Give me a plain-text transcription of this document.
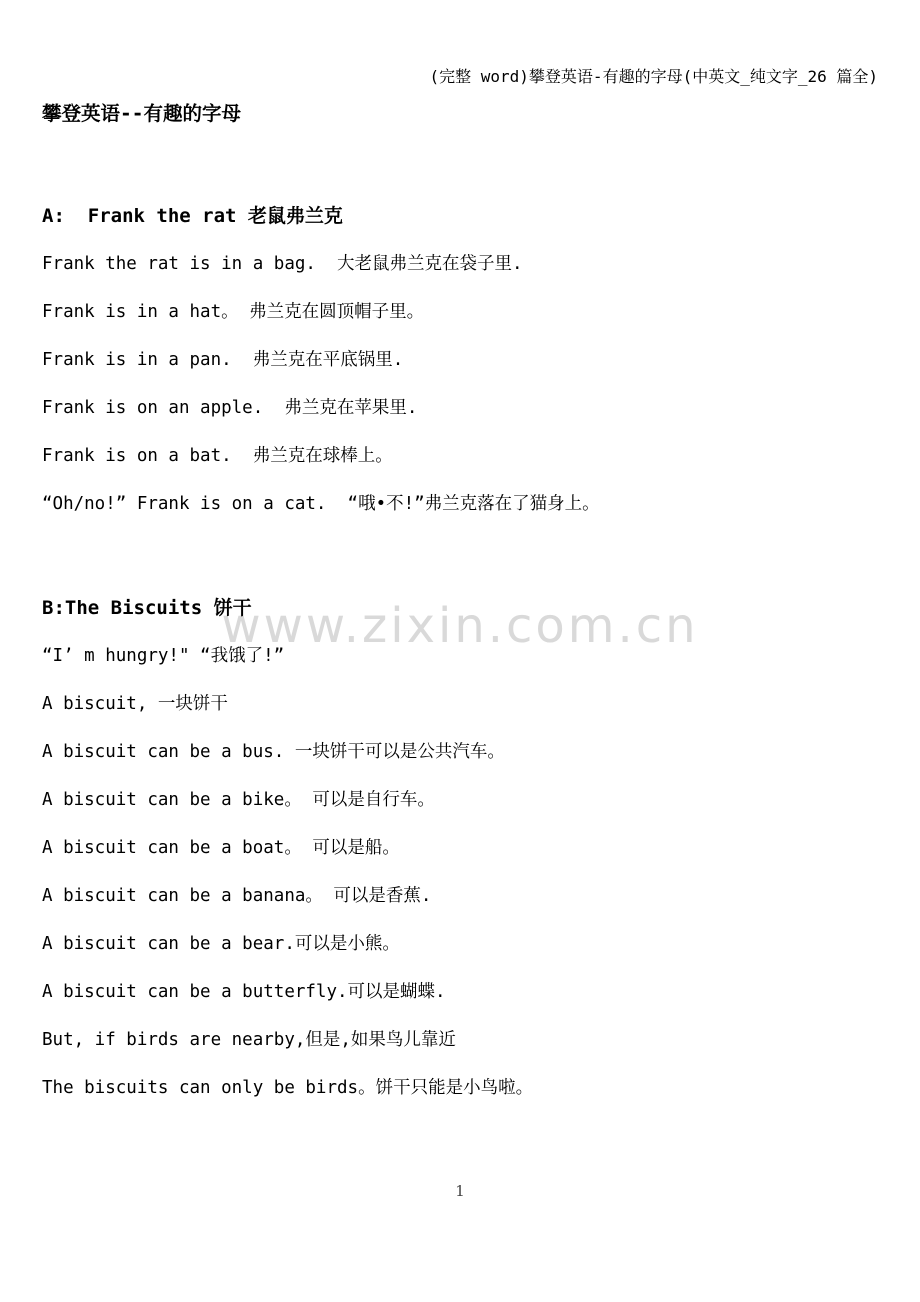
www.zixin.com.cn
(完整 word)攀登英语-有趣的字母(中英文_纯文字_26 篇全)
攀登英语--有趣的字母
A:  Frank the rat 老鼠弗兰克

Frank the rat is in a bag.  大老鼠弗兰克在袋子里.

Frank is in a hat。 弗兰克在圆顶帽子里。

Frank is in a pan.  弗兰克在平底锅里.

Frank is on an apple.  弗兰克在苹果里.

Frank is on a bat.  弗兰克在球棒上。

“Oh/no!” Frank is on a cat.  “哦•不!”弗兰克落在了猫身上。

B:The Biscuits 饼干

“I’ m hungry!" “我饿了!”

A biscuit, 一块饼干

A biscuit can be a bus. 一块饼干可以是公共汽车。

A biscuit can be a bike。 可以是自行车。

A biscuit can be a boat。 可以是船。

A biscuit can be a banana。 可以是香蕉.

A biscuit can be a bear.可以是小熊。

A biscuit can be a butterfly.可以是蝴蝶.

But, if birds are nearby,但是,如果鸟儿靠近

The biscuits can only be birds。饼干只能是小鸟啦。

1
